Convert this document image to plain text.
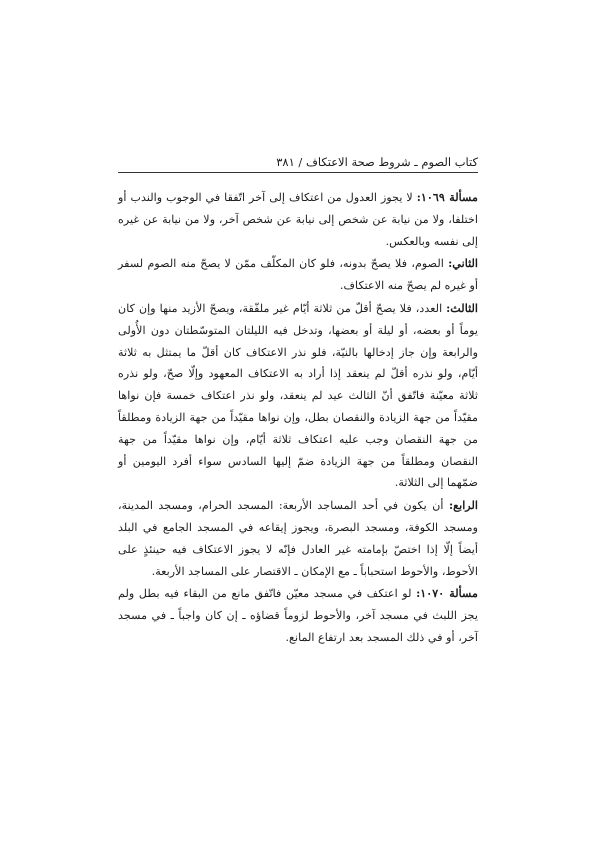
كتاب الصوم ـ شروط صحة الاعتكاف / ٣٨١

مسألة ١٠٦٩: لا يجوز العدول من اعتكاف إلى آخر اتّفقا في الوجوب والندب أو اختلفا، ولا من نيابة عن شخص إلى نيابة عن شخص آخر، ولا من نيابة عن غيره إلى نفسه وبالعكس.

الثاني: الصوم، فلا يصحّ بدونه، فلو كان المكلّف ممّن لا يصحّ منه الصوم لسفر أو غيره لم يصحّ منه الاعتكاف.

الثالث: العدد، فلا يصحّ أقلّ من ثلاثة أيّام غير ملفّقة، ويصحّ الأزيد منها وإن كان يوماً أو بعضه، أو ليلة أو بعضها، وتدخل فيه الليلتان المتوسّطتان دون الأُولى والرابعة وإن جاز إدخالها بالنيّة، فلو نذر الاعتكاف كان أقلّ ما يمتثل به ثلاثة أيّام، ولو نذره أقلّ لم ينعقد إذا أراد به الاعتكاف المعهود وإلّا صحّ، ولو نذره ثلاثة معيّنة فاتّفق أنّ الثالث عيد لم ينعقد، ولو نذر اعتكاف خمسة فإن نواها مقيّداً من جهة الزيادة والنقصان بطل، وإن نواها مقيّداً من جهة الزيادة ومطلقاً من جهة النقصان وجب عليه اعتكاف ثلاثة أيّام، وإن نواها مقيّداً من جهة النقصان ومطلقاً من جهة الزيادة ضمّ إليها السادس سواء أفرد اليومين أو ضمّهما إلى الثلاثة.

الرابع: أن يكون في أحد المساجد الأربعة: المسجد الحرام، ومسجد المدينة، ومسجد الكوفة، ومسجد البصرة، ويجوز إيقاعه في المسجد الجامع في البلد أيضاً إلّا إذا اختصّ بإمامته غير العادل فإنّه لا يجوز الاعتكاف فيه حينئذٍ على الأحوط، والأحوط استحباباً ـ مع الإمكان ـ الاقتصار على المساجد الأربعة.

مسألة ١٠٧٠: لو اعتكف في مسجد معيّن فاتّفق مانع من البقاء فيه بطل ولم يجز اللبث في مسجد آخر، والأحوط لزوماً قضاؤه ـ إن كان واجباً ـ في مسجد آخر، أو في ذلك المسجد بعد ارتفاع المانع.
